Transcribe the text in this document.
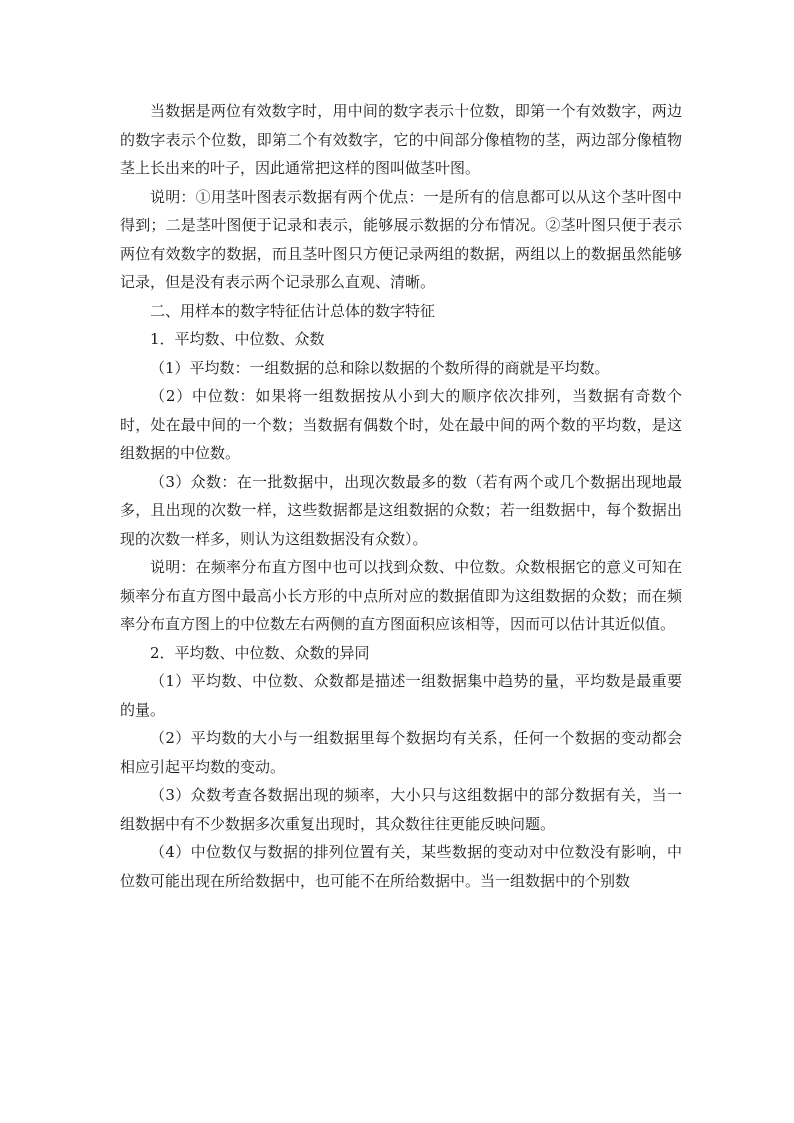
当数据是两位有效数字时，用中间的数字表示十位数，即第一个有效数字，两边的数字表示个位数，即第二个有效数字，它的中间部分像植物的茎，两边部分像植物茎上长出来的叶子，因此通常把这样的图叫做茎叶图。

说明：①用茎叶图表示数据有两个优点：一是所有的信息都可以从这个茎叶图中得到；二是茎叶图便于记录和表示，能够展示数据的分布情况。②茎叶图只便于表示两位有效数字的数据，而且茎叶图只方便记录两组的数据，两组以上的数据虽然能够记录，但是没有表示两个记录那么直观、清晰。

二、用样本的数字特征估计总体的数字特征

1．平均数、中位数、众数

（1）平均数：一组数据的总和除以数据的个数所得的商就是平均数。

（2）中位数：如果将一组数据按从小到大的顺序依次排列，当数据有奇数个时，处在最中间的一个数；当数据有偶数个时，处在最中间的两个数的平均数，是这组数据的中位数。

（3）众数：在一批数据中，出现次数最多的数（若有两个或几个数据出现地最多，且出现的次数一样，这些数据都是这组数据的众数；若一组数据中，每个数据出现的次数一样多，则认为这组数据没有众数）。

说明：在频率分布直方图中也可以找到众数、中位数。众数根据它的意义可知在频率分布直方图中最高小长方形的中点所对应的数据值即为这组数据的众数；而在频率分布直方图上的中位数左右两侧的直方图面积应该相等，因而可以估计其近似值。

2．平均数、中位数、众数的异同

（1）平均数、中位数、众数都是描述一组数据集中趋势的量，平均数是最重要的量。

（2）平均数的大小与一组数据里每个数据均有关系，任何一个数据的变动都会相应引起平均数的变动。

（3）众数考查各数据出现的频率，大小只与这组数据中的部分数据有关，当一组数据中有不少数据多次重复出现时，其众数往往更能反映问题。

（4）中位数仅与数据的排列位置有关，某些数据的变动对中位数没有影响，中位数可能出现在所给数据中，也可能不在所给数据中。当一组数据中的个别数
